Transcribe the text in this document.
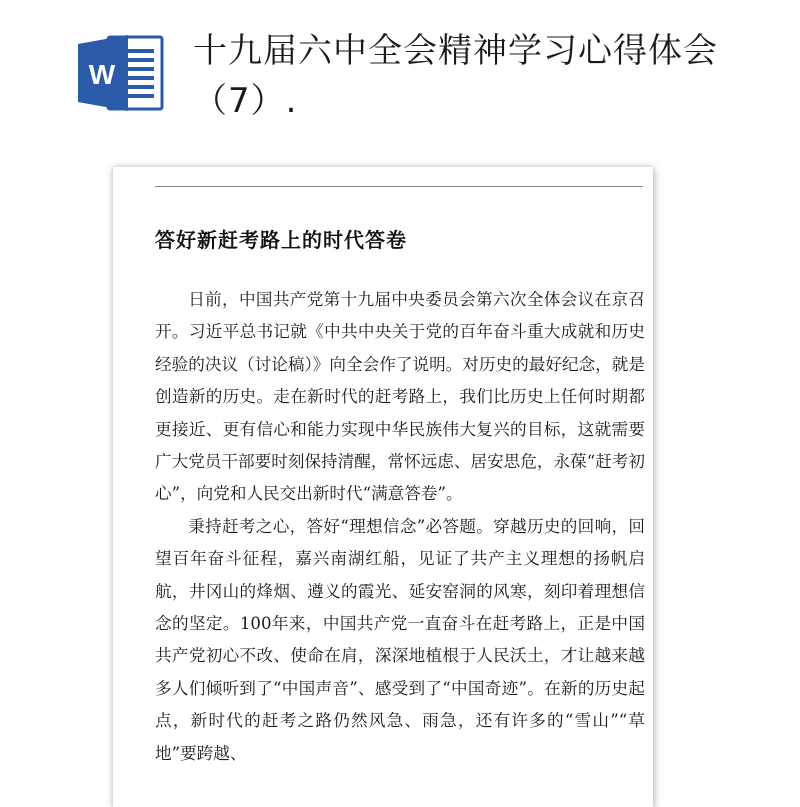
W
十九届六中全会精神学习心得体会（7）.
答好新赶考路上的时代答卷

日前，中国共产党第十九届中央委员会第六次全体会议在京召开。习近平总书记就《中共中央关于党的百年奋斗重大成就和历史经验的决议（讨论稿）》向全会作了说明。对历史的最好纪念，就是创造新的历史。走在新时代的赶考路上，我们比历史上任何时期都更接近、更有信心和能力实现中华民族伟大复兴的目标，这就需要广大党员干部要时刻保持清醒，常怀远虑、居安思危，永葆“赶考初心”，向党和人民交出新时代“满意答卷”。

秉持赶考之心，答好“理想信念”必答题。穿越历史的回响，回望百年奋斗征程，嘉兴南湖红船，见证了共产主义理想的扬帆启航，井冈山的烽烟、遵义的霞光、延安窑洞的风寒，刻印着理想信念的坚定。100年来，中国共产党一直奋斗在赶考路上，正是中国共产党初心不改、使命在肩，深深地植根于人民沃土，才让越来越多人们倾听到了“中国声音”、感受到了“中国奇迹”。在新的历史起点，新时代的赶考之路仍然风急、雨急，还有许多的“雪山”“草地”要跨越、
